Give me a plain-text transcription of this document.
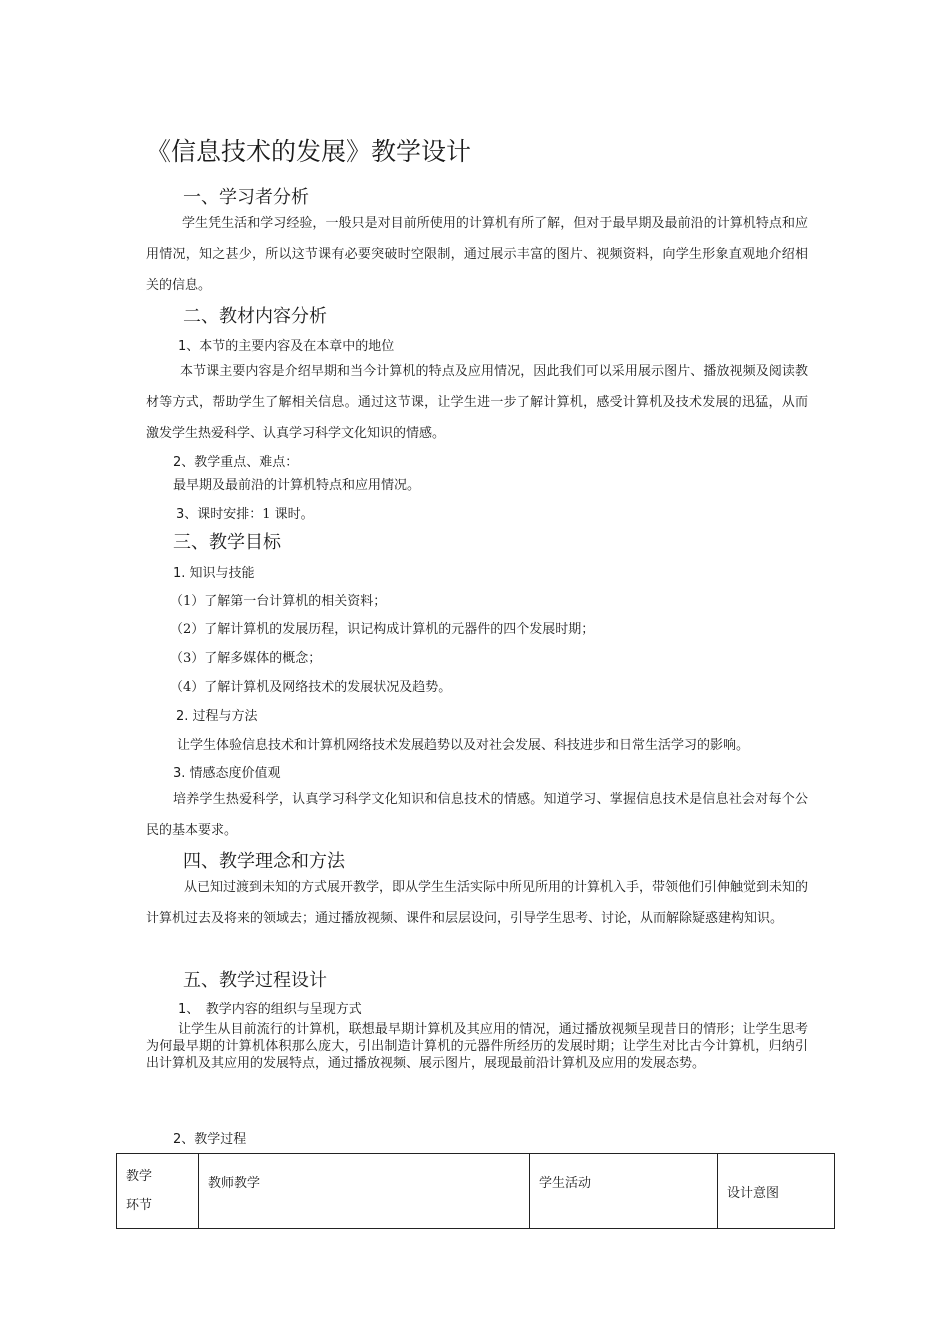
《信息技术的发展》教学设计
一、学习者分析
学生凭生活和学习经验，一般只是对目前所使用的计算机有所了解，但对于最早期及最前沿的计算机特点和应用情况，知之甚少，所以这节课有必要突破时空限制，通过展示丰富的图片、视频资料，向学生形象直观地介绍相关的信息。
二、教材内容分析
1、本节的主要内容及在本章中的地位
本节课主要内容是介绍早期和当今计算机的特点及应用情况，因此我们可以采用展示图片、播放视频及阅读教材等方式，帮助学生了解相关信息。通过这节课，让学生进一步了解计算机，感受计算机及技术发展的迅猛，从而激发学生热爱科学、认真学习科学文化知识的情感。
2、教学重点、难点：
最早期及最前沿的计算机特点和应用情况。
3、课时安排：1 课时。
三、教学目标
1. 知识与技能
（1）了解第一台计算机的相关资料；
（2）了解计算机的发展历程，识记构成计算机的元器件的四个发展时期；
（3）了解多媒体的概念；
（4）了解计算机及网络技术的发展状况及趋势。
2. 过程与方法
让学生体验信息技术和计算机网络技术发展趋势以及对社会发展、科技进步和日常生活学习的影响。
3. 情感态度价值观
培养学生热爱科学，认真学习科学文化知识和信息技术的情感。知道学习、掌握信息技术是信息社会对每个公民的基本要求。
四、教学理念和方法
从已知过渡到未知的方式展开教学，即从学生生活实际中所见所用的计算机入手，带领他们引伸触觉到未知的计算机过去及将来的领域去；通过播放视频、课件和层层设问，引导学生思考、讨论，从而解除疑惑建构知识。
五、教学过程设计
1、　教学内容的组织与呈现方式
让学生从目前流行的计算机，联想最早期计算机及其应用的情况，通过播放视频呈现昔日的情形；让学生思考为何最早期的计算机体积那么庞大，引出制造计算机的元器件所经历的发展时期；让学生对比古今计算机，归纳引出计算机及其应用的发展特点，通过播放视频、展示图片，展现最前沿计算机及应用的发展态势。
2、教学过程
教学
环节
	教师教学	学生活动	设计意图
